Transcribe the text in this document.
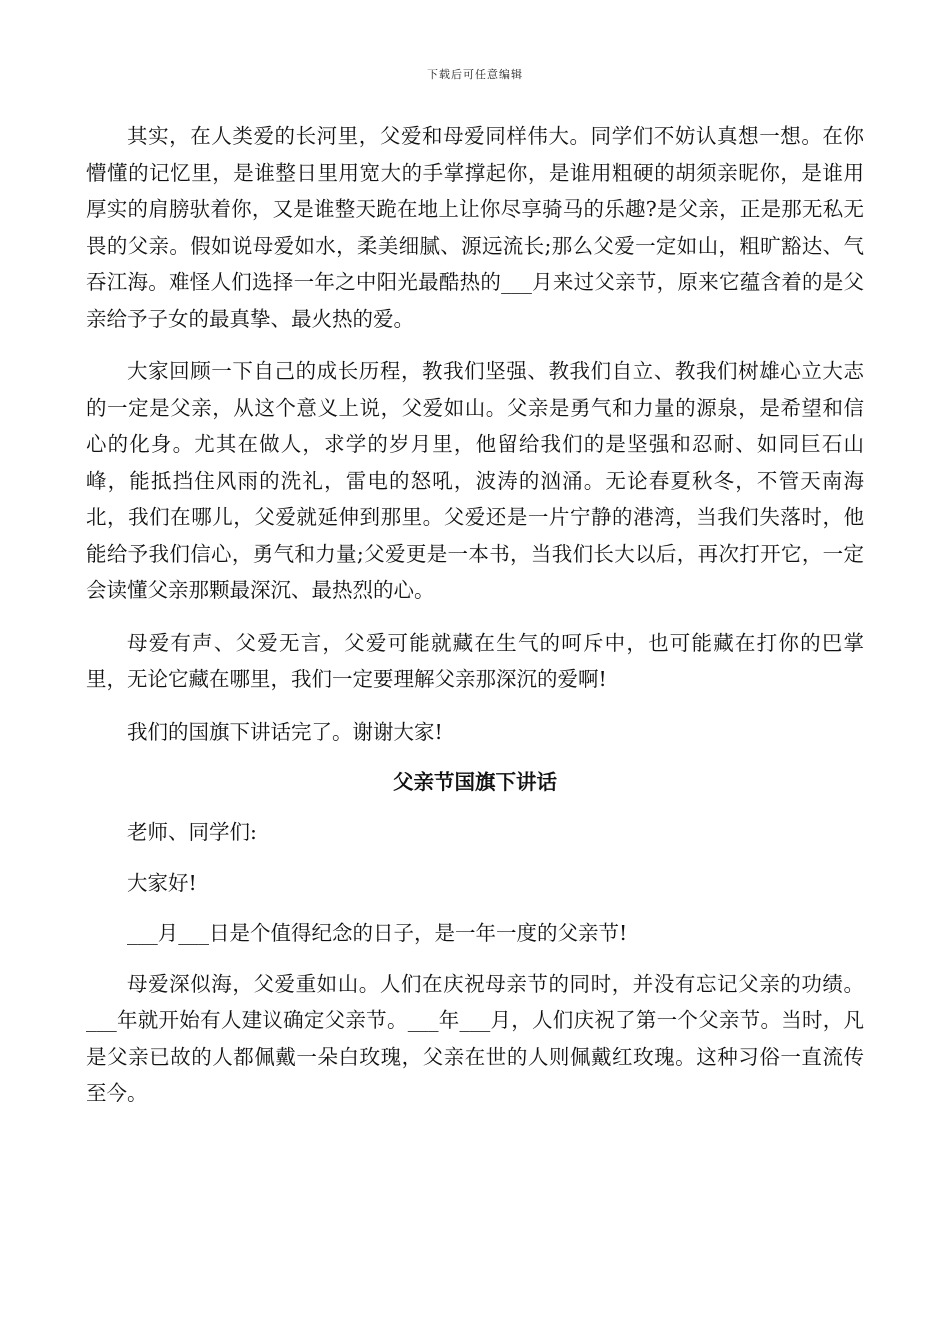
下载后可任意编辑

其实，在人类爱的长河里，父爱和母爱同样伟大。同学们不妨认真想一想。在你懵懂的记忆里，是谁整日里用宽大的手掌撑起你，是谁用粗硬的胡须亲昵你，是谁用厚实的肩膀驮着你，又是谁整天跪在地上让你尽享骑马的乐趣?是父亲，正是那无私无畏的父亲。假如说母爱如水，柔美细腻、源远流长;那么父爱一定如山，粗旷豁达、气吞江海。难怪人们选择一年之中阳光最酷热的___月来过父亲节，原来它蕴含着的是父亲给予子女的最真挚、最火热的爱。

大家回顾一下自己的成长历程，教我们坚强、教我们自立、教我们树雄心立大志的一定是父亲，从这个意义上说，父爱如山。父亲是勇气和力量的源泉，是希望和信心的化身。尤其在做人，求学的岁月里，他留给我们的是坚强和忍耐、如同巨石山峰，能抵挡住风雨的洗礼，雷电的怒吼，波涛的汹涌。无论春夏秋冬，不管天南海北，我们在哪儿，父爱就延伸到那里。父爱还是一片宁静的港湾，当我们失落时，他能给予我们信心，勇气和力量;父爱更是一本书，当我们长大以后，再次打开它，一定会读懂父亲那颗最深沉、最热烈的心。

母爱有声、父爱无言，父爱可能就藏在生气的呵斥中，也可能藏在打你的巴掌里，无论它藏在哪里，我们一定要理解父亲那深沉的爱啊!

我们的国旗下讲话完了。谢谢大家!

父亲节国旗下讲话

老师、同学们:

大家好!

___月___日是个值得纪念的日子，是一年一度的父亲节!

母爱深似海，父爱重如山。人们在庆祝母亲节的同时，并没有忘记父亲的功绩。___年就开始有人建议确定父亲节。___年___月，人们庆祝了第一个父亲节。当时，凡是父亲已故的人都佩戴一朵白玫瑰，父亲在世的人则佩戴红玫瑰。这种习俗一直流传至今。
